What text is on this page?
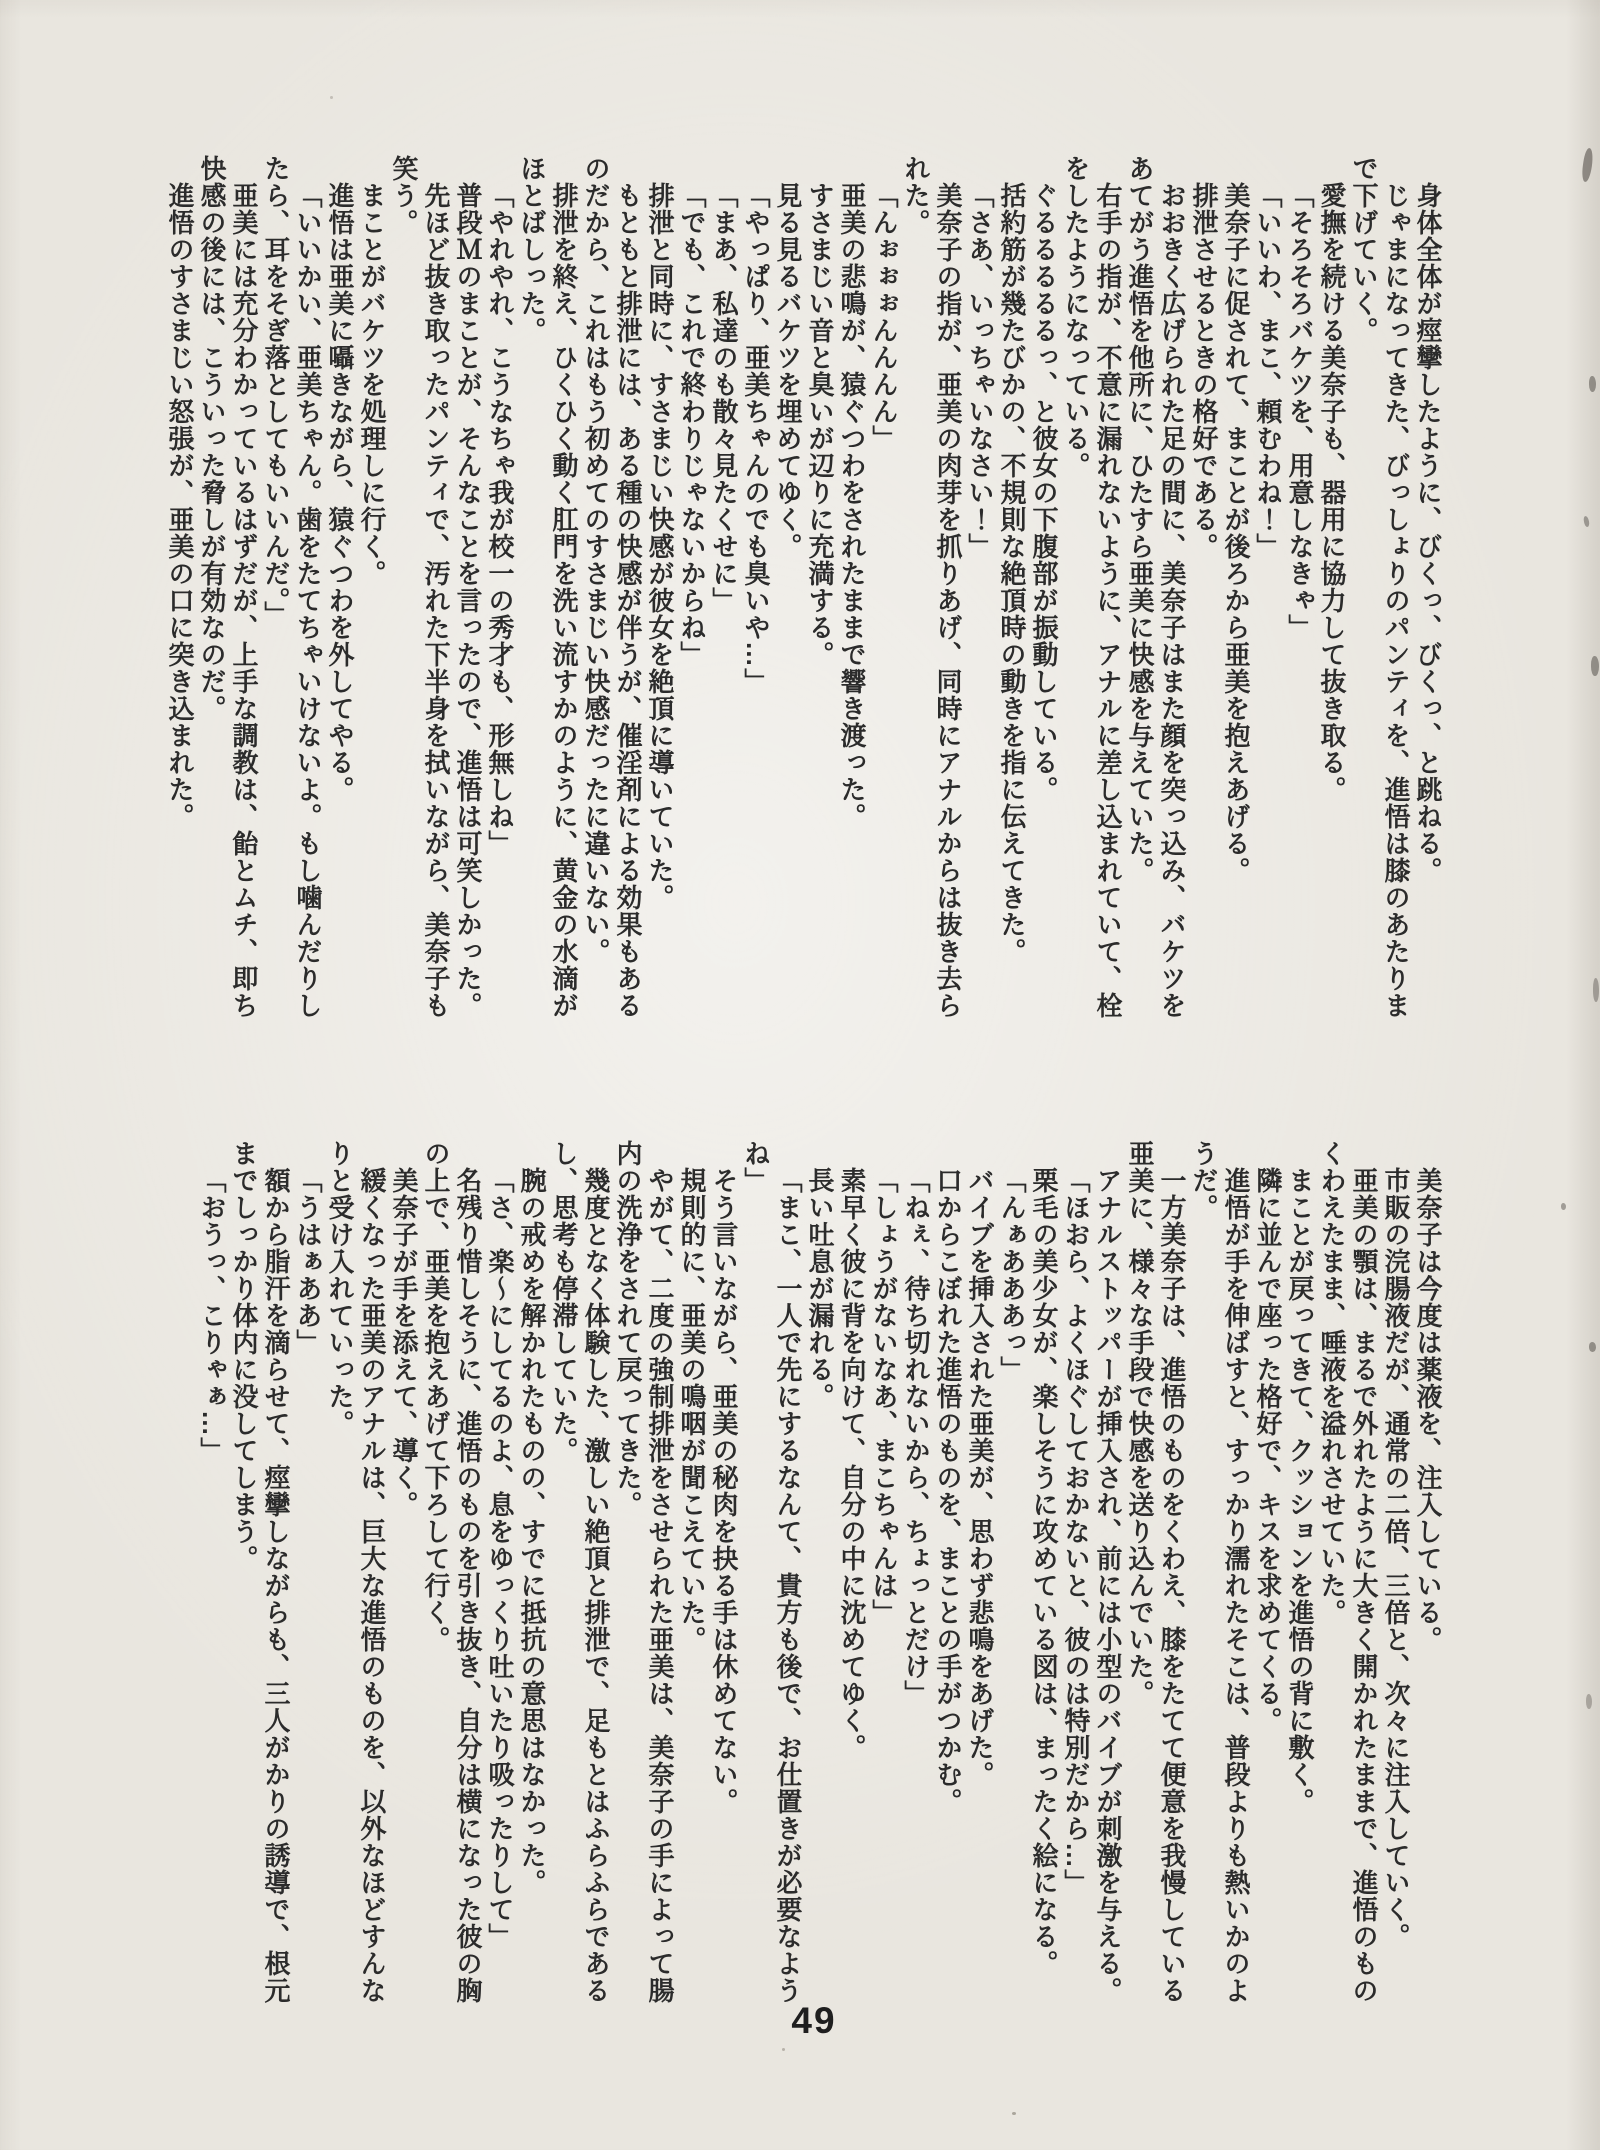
身体全体が痙攣したように、びくっ、びくっ、と跳ねる。

じゃまになってきた、びっしょりのパンティを、進悟は膝のあたりまで下げていく。

愛撫を続ける美奈子も、器用に協力して抜き取る。

「そろそろバケツを、用意しなきゃ」

「いいわ、まこ、頼むわね！」

美奈子に促されて、まことが後ろから亜美を抱えあげる。

排泄させるときの格好である。

おおきく広げられた足の間に、美奈子はまた顔を突っ込み、バケツをあてがう進悟を他所に、ひたすら亜美に快感を与えていた。

右手の指が、不意に漏れないように、アナルに差し込まれていて、栓をしたようになっている。

ぐるるるるるっ、と彼女の下腹部が振動している。

括約筋が幾たびかの、不規則な絶頂時の動きを指に伝えてきた。

「さあ、いっちゃいなさい！」

美奈子の指が、亜美の肉芽を抓りあげ、同時にアナルからは抜き去られた。

「んぉぉぉんんんん」

亜美の悲鳴が、猿ぐつわをされたままで響き渡った。

すさまじい音と臭いが辺りに充満する。

見る見るバケツを埋めてゆく。

「やっぱり、亜美ちゃんのでも臭いや…」

「まあ、私達のも散々見たくせに」

「でも、これで終わりじゃないからね」

排泄と同時に、すさまじい快感が彼女を絶頂に導いていた。

もともと排泄には、ある種の快感が伴うが、催淫剤による効果もあるのだから、これはもう初めてのすさまじい快感だったに違いない。

排泄を終え、ひくひく動く肛門を洗い流すかのように、黄金の水滴がほとばしった。

「やれやれ、こうなちゃ我が校一の秀才も、形無しね」

普段Ｍのまことが、そんなことを言ったので、進悟は可笑しかった。

先ほど抜き取ったパンティで、汚れた下半身を拭いながら、美奈子も笑う。

まことがバケツを処理しに行く。

進悟は亜美に囁きながら、猿ぐつわを外してやる。

「いいかい、亜美ちゃん。歯をたてちゃいけないよ。もし噛んだりしたら、耳をそぎ落としてもいいんだ。」

亜美には充分わかっているはずだが、上手な調教は、飴とムチ、即ち快感の後には、こういった脅しが有効なのだ。

進悟のすさまじい怒張が、亜美の口に突き込まれた。

美奈子は今度は薬液を、注入している。

市販の浣腸液だが、通常の二倍、三倍と、次々に注入していく。

亜美の顎は、まるで外れたように大きく開かれたままで、進悟のものくわえたまま、唾液を溢れさせていた。

まことが戻ってきて、クッションを進悟の背に敷く。

隣に並んで座った格好で、キスを求めてくる。

進悟が手を伸ばすと、すっかり濡れたそこは、普段よりも熱いかのようだ。

一方美奈子は、進悟のものをくわえ、膝をたてて便意を我慢している亜美に、様々な手段で快感を送り込んでいた。

アナルストッパーが挿入され、前には小型のバイブが刺激を与える。

「ほおら、よくほぐしておかないと、彼のは特別だから…」

栗毛の美少女が、楽しそうに攻めている図は、まったく絵になる。

「んぁあああっ」

バイブを挿入された亜美が、思わず悲鳴をあげた。

口からこぼれた進悟のものを、まことの手がつかむ。

「ねぇ、待ち切れないから、ちょっとだけ」

「しょうがないなあ、まこちゃんは」

素早く彼に背を向けて、自分の中に沈めてゆく。

長い吐息が漏れる。

「まこ、一人で先にするなんて、貴方も後で、お仕置きが必要なようね」

そう言いながら、亜美の秘肉を抉る手は休めてない。

規則的に、亜美の鳴咽が聞こえていた。

やがて、二度の強制排泄をさせられた亜美は、美奈子の手によって腸内の洗浄をされて戻ってきた。

幾度となく体験した、激しい絶頂と排泄で、足もとはふらふらであるし、思考も停滞していた。

腕の戒めを解かれたものの、すでに抵抗の意思はなかった。

「さ、楽〜にしてるのよ、息をゆっくり吐いたり吸ったりして」

名残り惜しそうに、進悟のものを引き抜き、自分は横になった彼の胸の上で、亜美を抱えあげて下ろして行く。

美奈子が手を添えて、導く。

緩くなった亜美のアナルは、巨大な進悟のものを、以外なほどすんなりと受け入れていった。

「うはぁああ」

額から脂汗を滴らせて、痙攣しながらも、三人がかりの誘導で、根元までしっかり体内に没してしまう。

「おうっ、こりゃぁ…」

49
